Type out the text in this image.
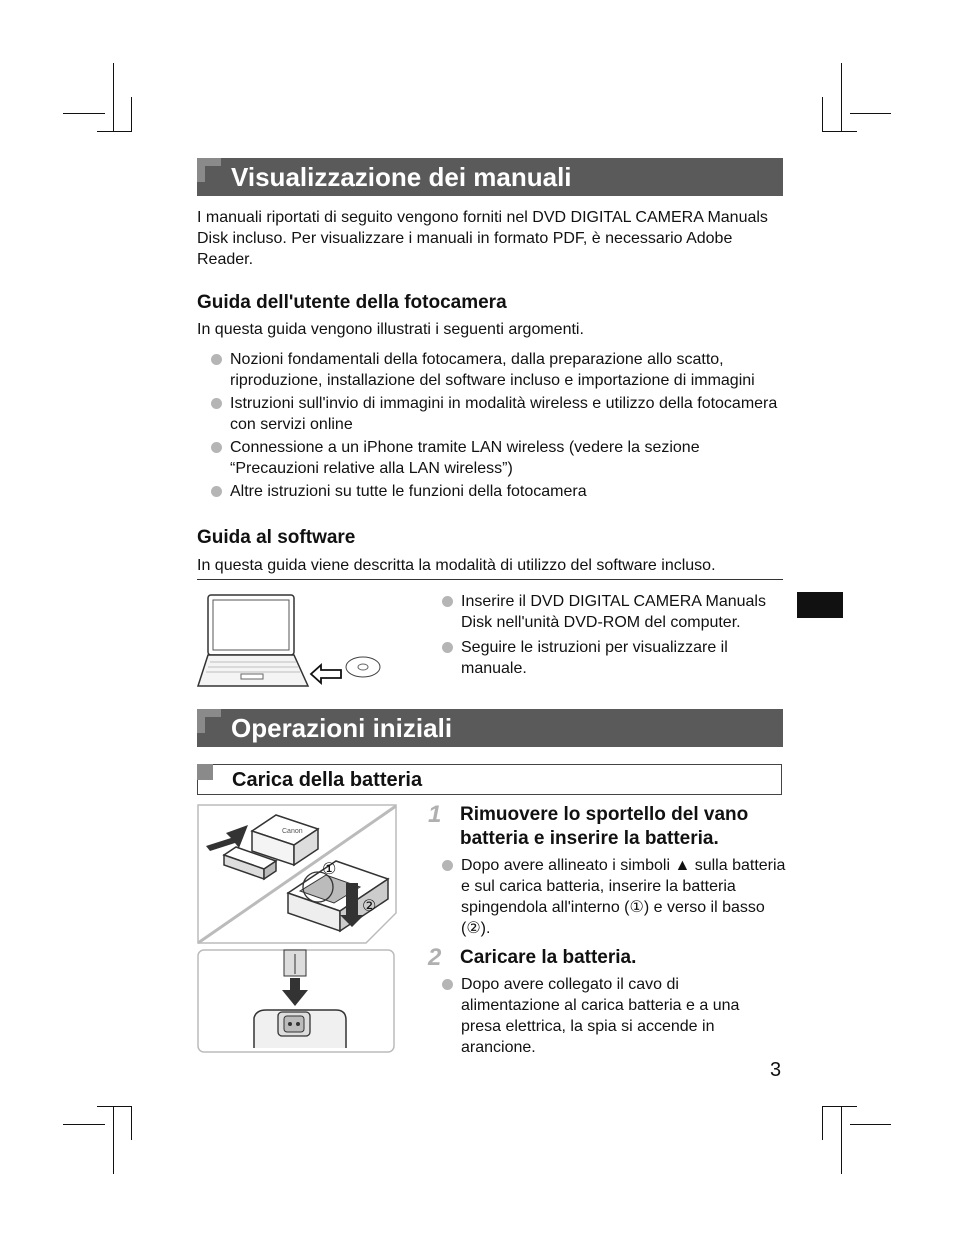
Visualizzazione dei manuali
I manuali riportati di seguito vengono forniti nel DVD DIGITAL CAMERA Manuals Disk incluso. Per visualizzare i manuali in formato PDF, è necessario Adobe Reader.
Guida dell'utente della fotocamera
In questa guida vengono illustrati i seguenti argomenti.
Nozioni fondamentali della fotocamera, dalla preparazione allo scatto, riproduzione, installazione del software incluso e importazione di immagini
Istruzioni sull'invio di immagini in modalità wireless e utilizzo della fotocamera con servizi online
Connessione a un iPhone tramite LAN wireless (vedere la sezione “Precauzioni relative alla LAN wireless”)
Altre istruzioni su tutte le funzioni della fotocamera
Guida al software
In questa guida viene descritta la modalità di utilizzo del software incluso.
Inserire il DVD DIGITAL CAMERA Manuals Disk nell'unità DVD-ROM del computer.
Seguire le istruzioni per visualizzare il manuale.
Operazioni iniziali
Carica della batteria
Canon
①
②
1 Rimuovere lo sportello del vano batteria e inserire la batteria.
Dopo avere allineato i simboli ▲ sulla batteria e sul carica batteria, inserire la batteria spingendola all'interno (①) e verso il basso (②).
2 Caricare la batteria.
Dopo avere collegato il cavo di alimentazione al carica batteria e a una presa elettrica, la spia si accende in arancione.
3
